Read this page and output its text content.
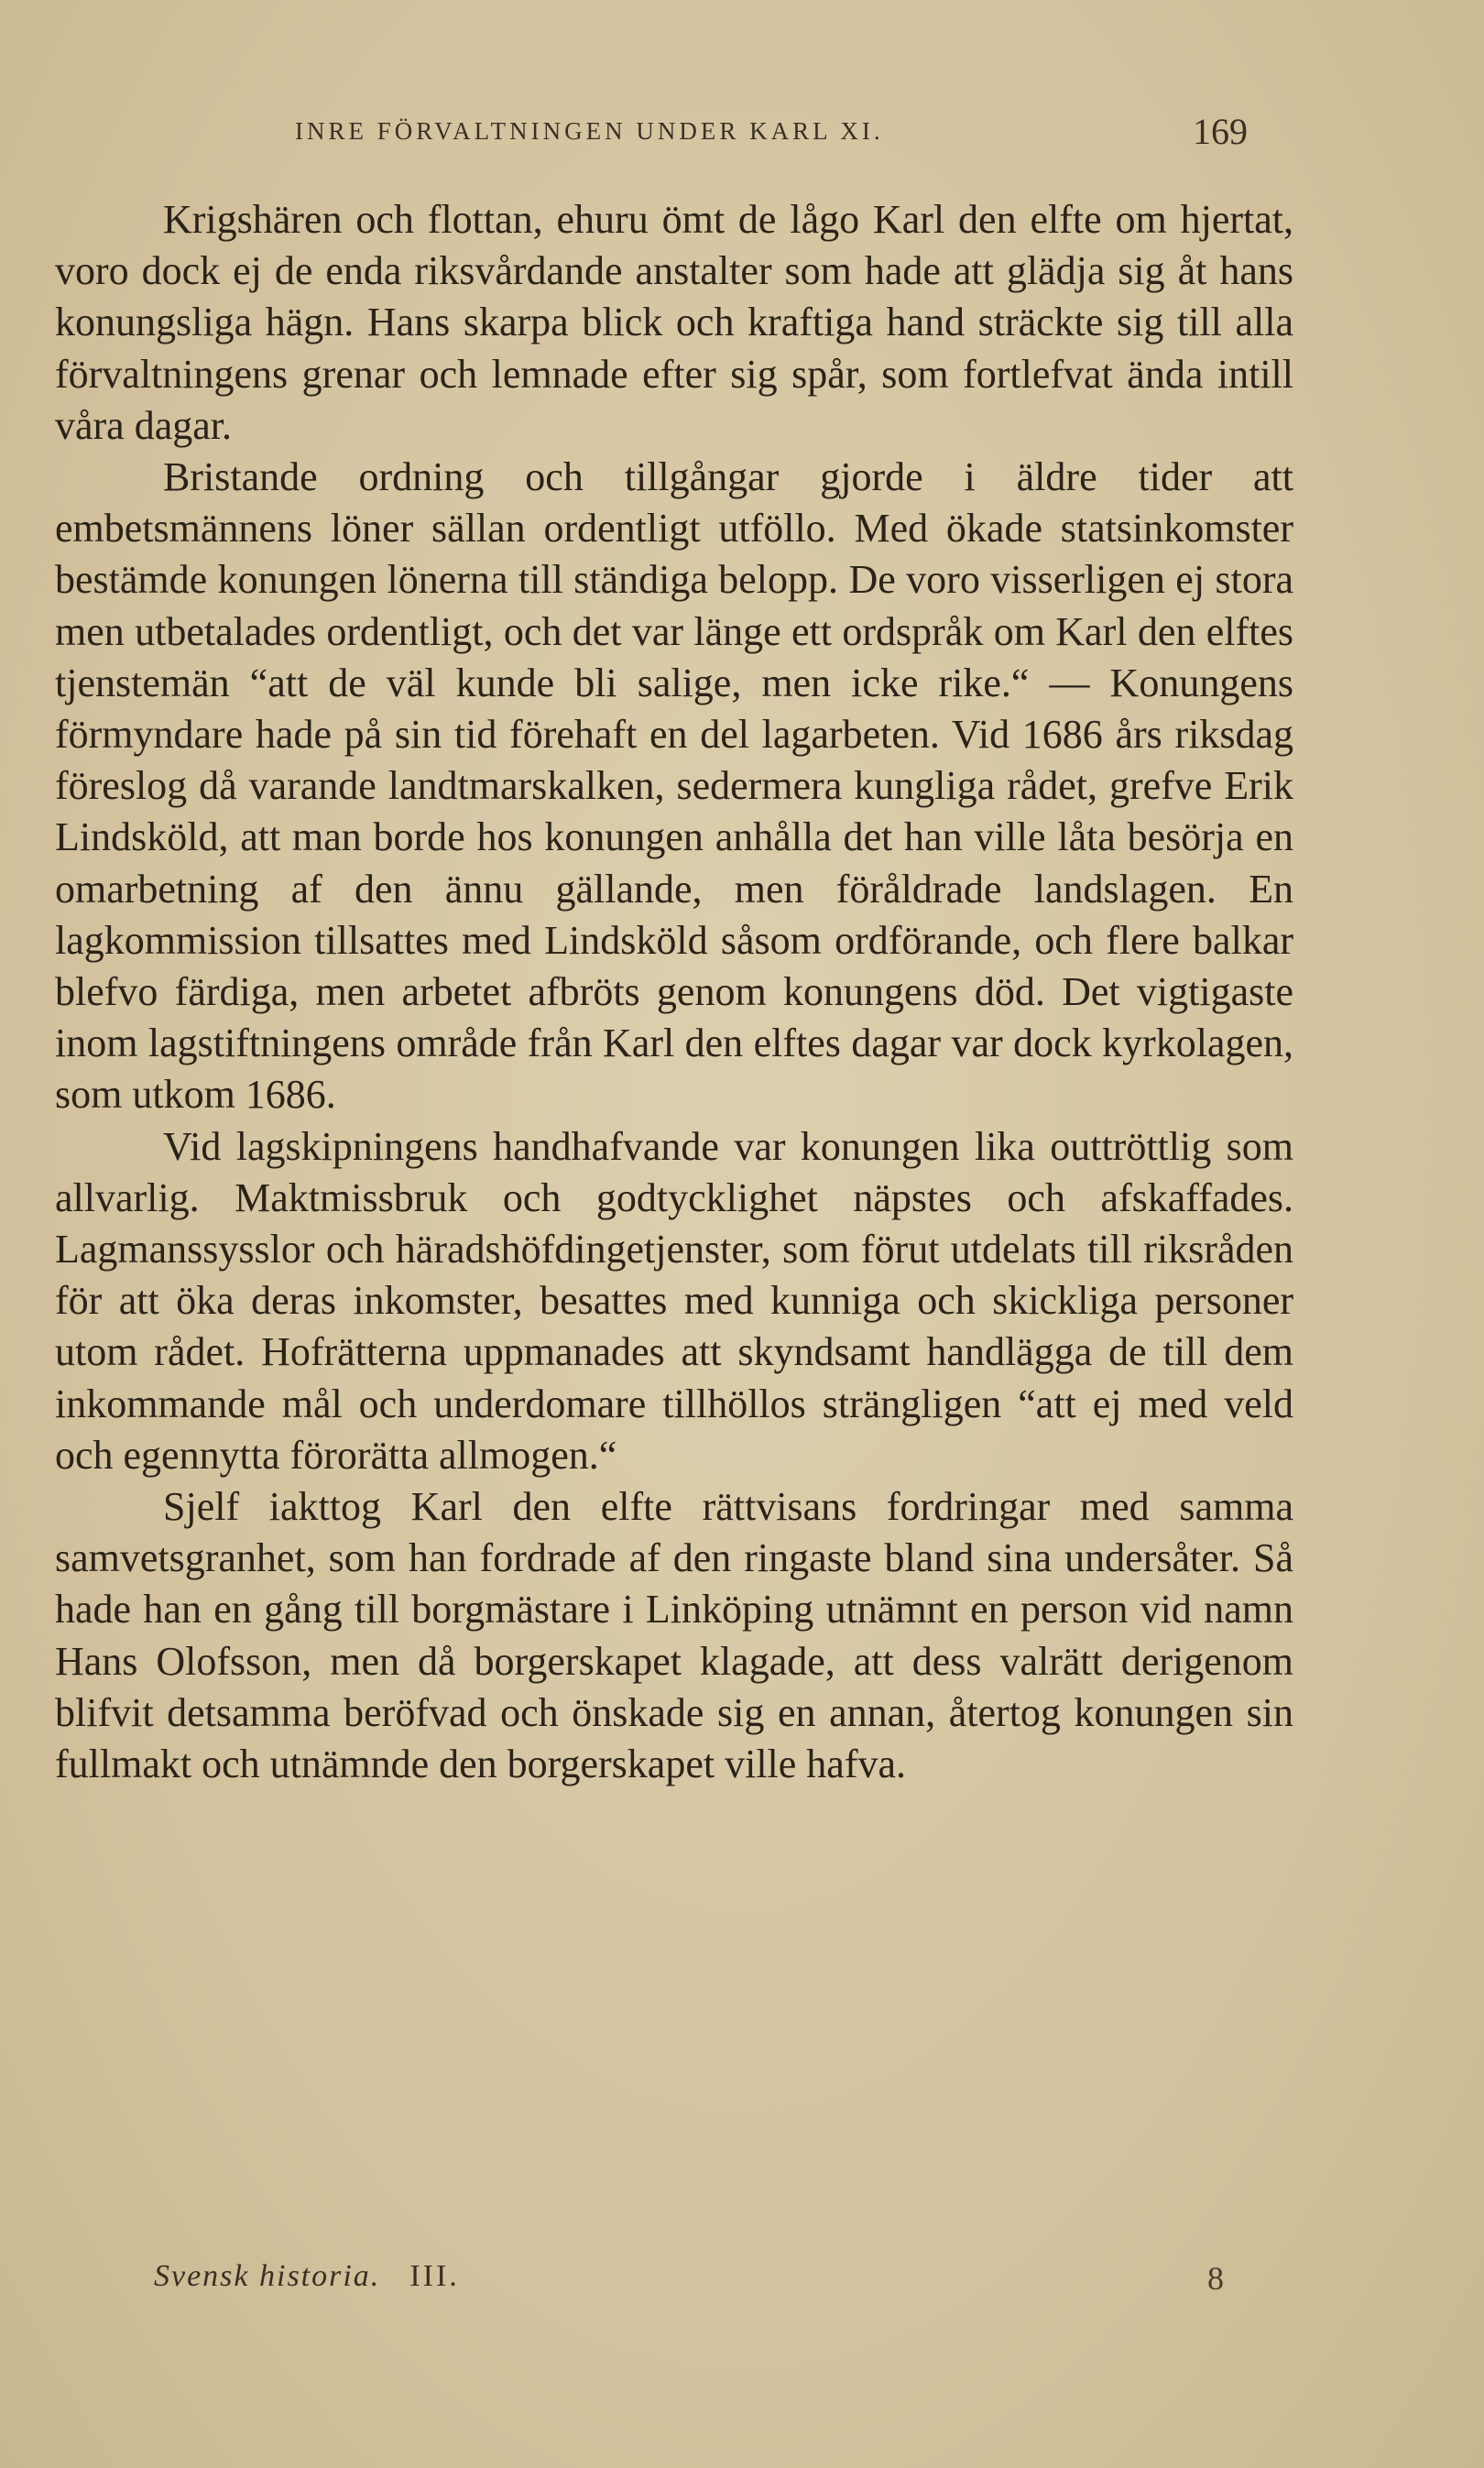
INRE FÖRVALTNINGEN UNDER KARL XI.	169

Krigshären och flottan, ehuru ömt de lågo Karl den elfte om hjertat, voro dock ej de enda riksvårdande anstalter som hade att glädja sig åt hans konungsliga hägn. Hans skarpa blick och kraftiga hand sträckte sig till alla förvaltningens grenar och lemnade efter sig spår, som fortlefvat ända intill våra dagar.

Bristande ordning och tillgångar gjorde i äldre tider att embetsmännens löner sällan ordentligt utföllo. Med ökade statsinkomster bestämde konungen lönerna till ständiga belopp. De voro visserligen ej stora men utbetalades ordentligt, och det var länge ett ordspråk om Karl den elftes tjenstemän “att de väl kunde bli salige, men icke rike.“ — Konungens förmyndare hade på sin tid förehaft en del lagarbeten. Vid 1686 års riksdag föreslog då varande landtmarskalken, sedermera kungliga rådet, grefve Erik Lindsköld, att man borde hos konungen anhålla det han ville låta besörja en omarbetning af den ännu gällande, men föråldrade landslagen. En lagkommission tillsattes med Lindsköld såsom ordförande, och flere balkar blefvo färdiga, men arbetet afbröts genom konungens död. Det vigtigaste inom lagstiftningens område från Karl den elftes dagar var dock kyrkolagen, som utkom 1686.

Vid lagskipningens handhafvande var konungen lika outtröttlig som allvarlig. Maktmissbruk och godtycklighet näpstes och afskaffades. Lagmanssysslor och häradshöfdingetjenster, som förut utdelats till riksråden för att öka deras inkomster, besattes med kunniga och skickliga personer utom rådet. Hofrätterna uppmanades att skyndsamt handlägga de till dem inkommande mål och underdomare tillhöllos strängligen “att ej med veld och egennytta förorätta allmogen.“

Sjelf iakttog Karl den elfte rättvisans fordringar med samma samvetsgranhet, som han fordrade af den ringaste bland sina undersåter. Så hade han en gång till borgmästare i Linköping utnämnt en person vid namn Hans Olofsson, men då borgerskapet klagade, att dess valrätt derigenom blifvit detsamma beröfvad och önskade sig en annan, återtog konungen sin fullmakt och utnämnde den borgerskapet ville hafva.

Svensk historia. III.	8
